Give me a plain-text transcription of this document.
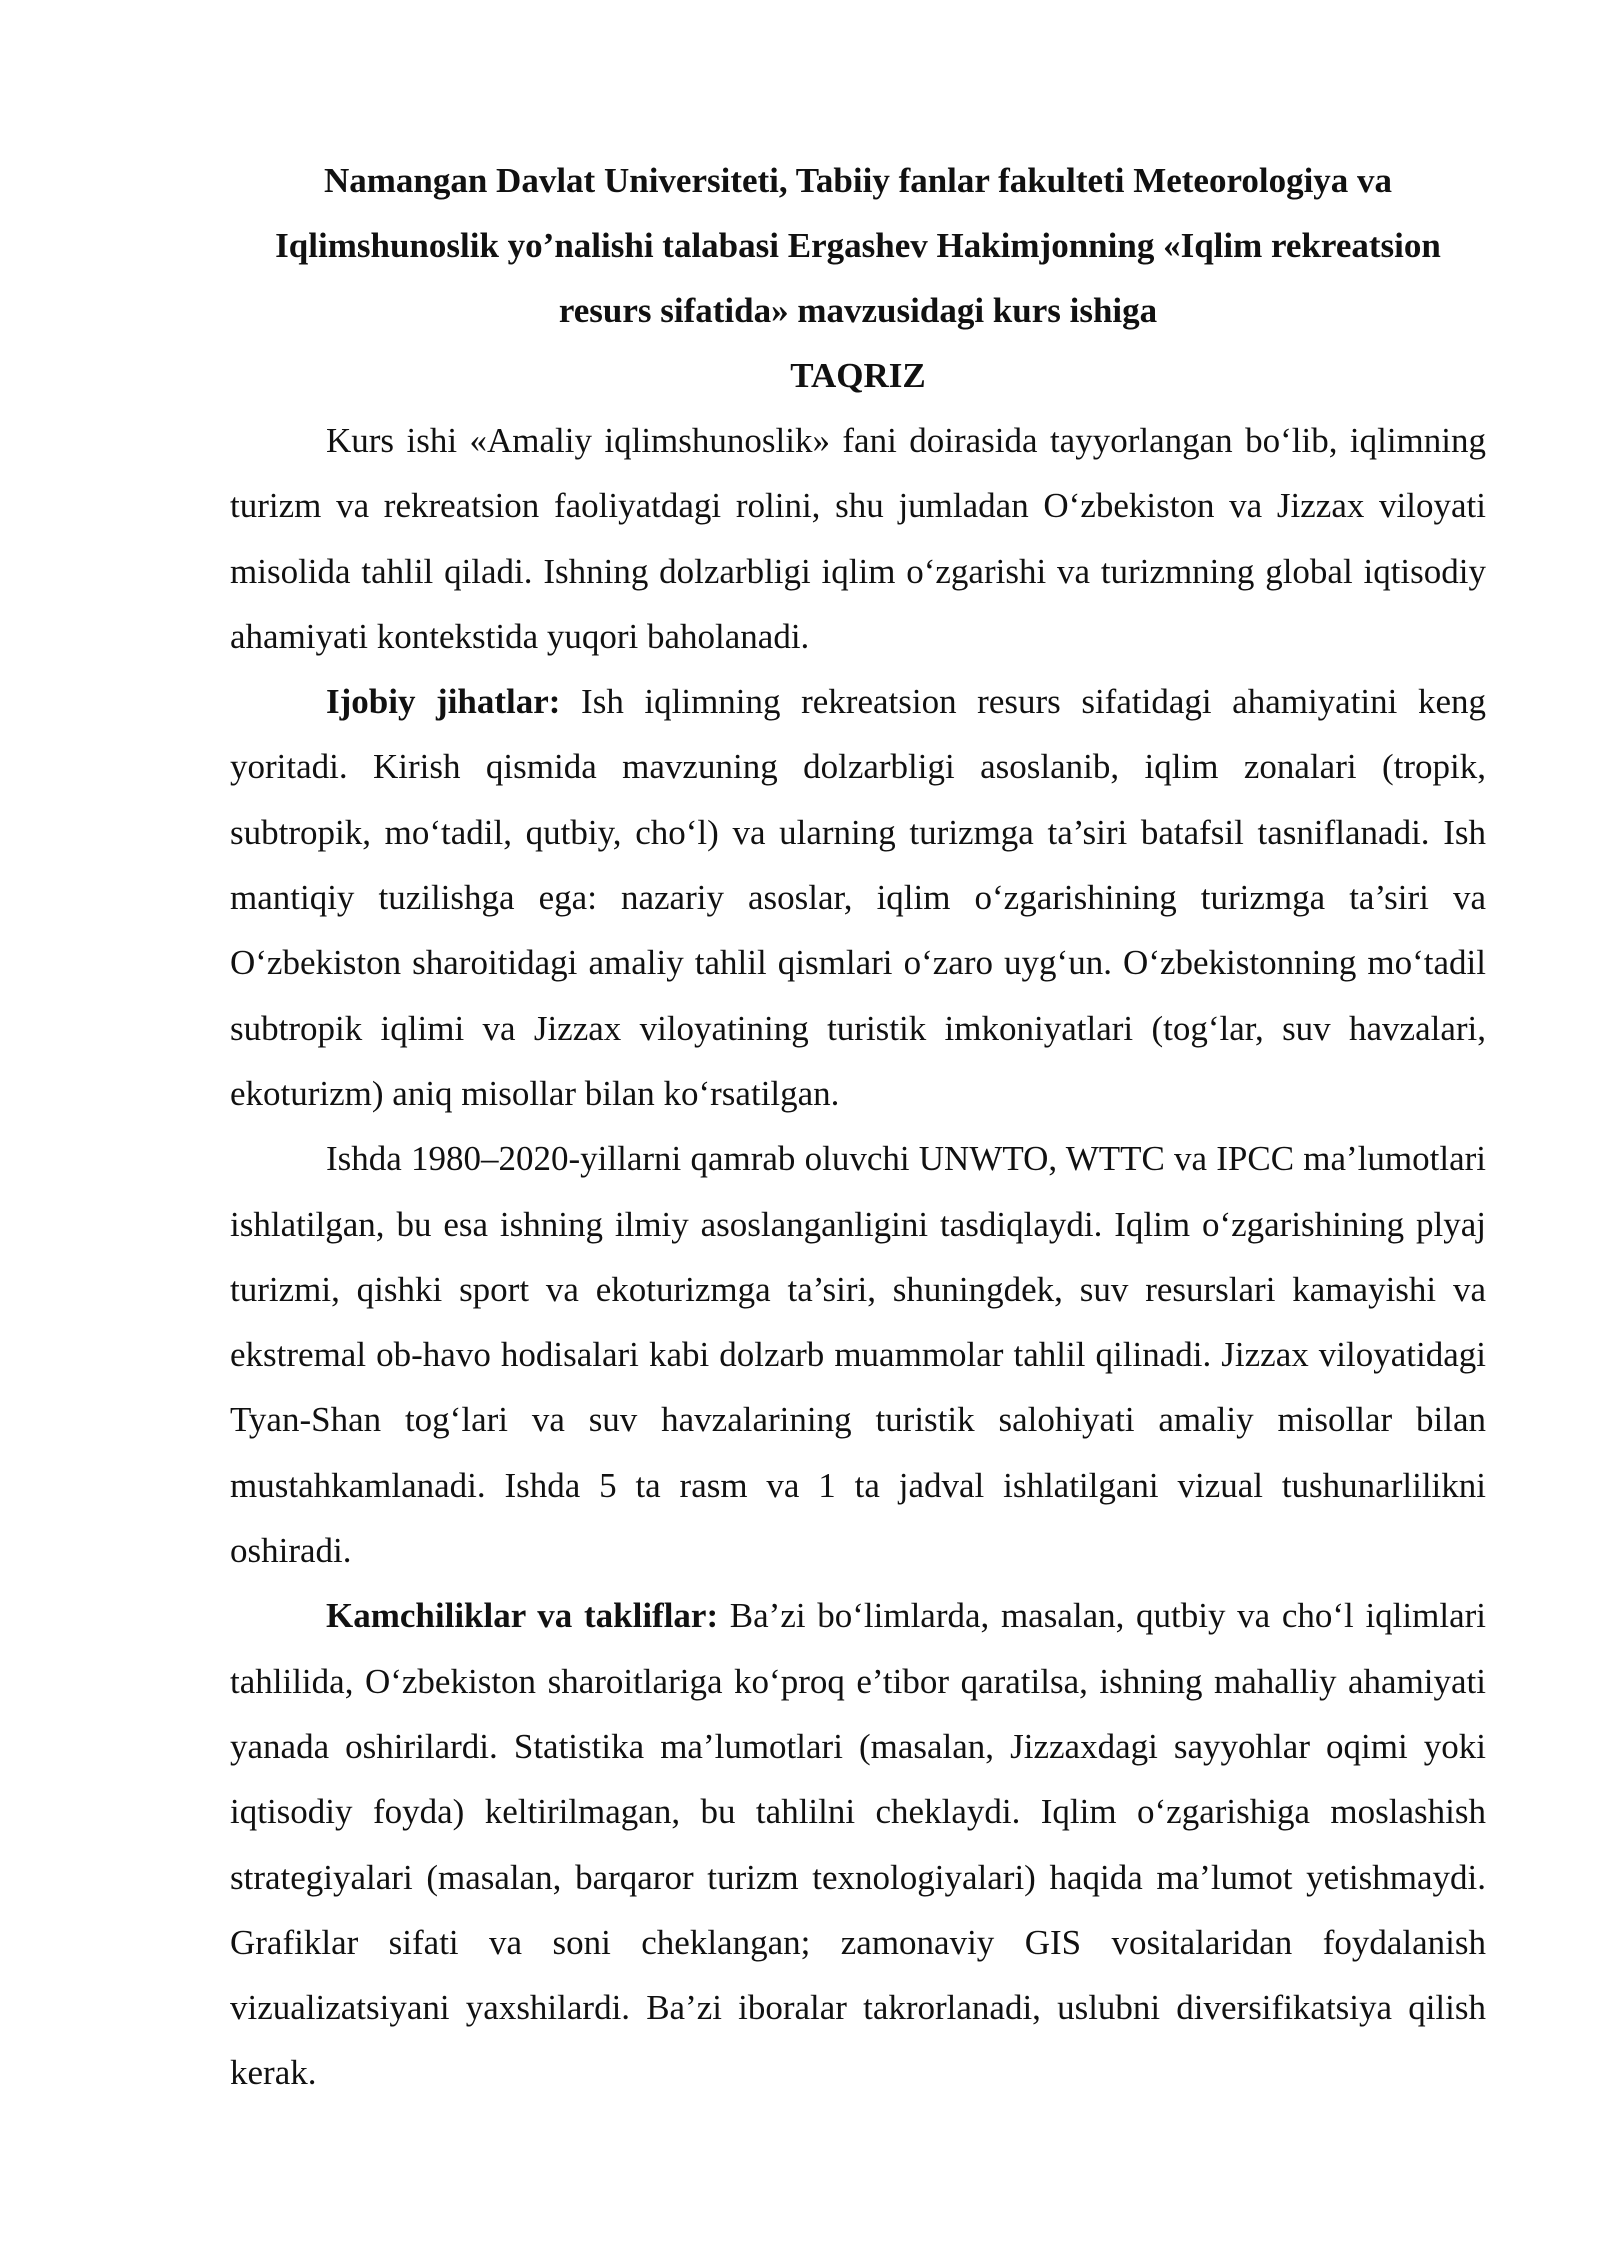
Namangan Davlat Universiteti, Tabiiy fanlar fakulteti Meteorologiya va Iqlimshunoslik yo’nalishi talabasi Ergashev Hakimjonning «Iqlim rekreatsion resurs sifatida» mavzusidagi kurs ishiga

TAQRIZ

Kurs ishi «Amaliy iqlimshunoslik» fani doirasida tayyorlangan bo‘lib, iqlimning turizm va rekreatsion faoliyatdagi rolini, shu jumladan O‘zbekiston va Jizzax viloyati misolida tahlil qiladi. Ishning dolzarbligi iqlim o‘zgarishi va turizmning global iqtisodiy ahamiyati kontekstida yuqori baholanadi.

Ijobiy jihatlar: Ish iqlimning rekreatsion resurs sifatidagi ahamiyatini keng yoritadi. Kirish qismida mavzuning dolzarbligi asoslanib, iqlim zonalari (tropik, subtropik, mo‘tadil, qutbiy, cho‘l) va ularning turizmga ta’siri batafsil tasniflanadi. Ish mantiqiy tuzilishga ega: nazariy asoslar, iqlim o‘zgarishining turizmga ta’siri va O‘zbekiston sharoitidagi amaliy tahlil qismlari o‘zaro uyg‘un. O‘zbekistonning mo‘tadil subtropik iqlimi va Jizzax viloyatining turistik imkoniyatlari (tog‘lar, suv havzalari, ekoturizm) aniq misollar bilan ko‘rsatilgan.

Ishda 1980–2020-yillarni qamrab oluvchi UNWTO, WTTC va IPCC ma’lumotlari ishlatilgan, bu esa ishning ilmiy asoslanganligini tasdiqlaydi. Iqlim o‘zgarishining plyaj turizmi, qishki sport va ekoturizmga ta’siri, shuningdek, suv resurslari kamayishi va ekstremal ob-havo hodisalari kabi dolzarb muammolar tahlil qilinadi. Jizzax viloyatidagi Tyan-Shan tog‘lari va suv havzalarining turistik salohiyati amaliy misollar bilan mustahkamlanadi. Ishda 5 ta rasm va 1 ta jadval ishlatilgani vizual tushunarlilikni oshiradi.

Kamchiliklar va takliflar: Ba’zi bo‘limlarda, masalan, qutbiy va cho‘l iqlimlari tahlilida, O‘zbekiston sharoitlariga ko‘proq e’tibor qaratilsa, ishning mahalliy ahamiyati yanada oshirilardi. Statistika ma’lumotlari (masalan, Jizzaxdagi sayyohlar oqimi yoki iqtisodiy foyda) keltirilmagan, bu tahlilni cheklaydi. Iqlim o‘zgarishiga moslashish strategiyalari (masalan, barqaror turizm texnologiyalari) haqida ma’lumot yetishmaydi. Grafiklar sifati va soni cheklangan; zamonaviy GIS vositalaridan foydalanish vizualizatsiyani yaxshilardi. Ba’zi iboralar takrorlanadi, uslubni diversifikatsiya qilish kerak.
